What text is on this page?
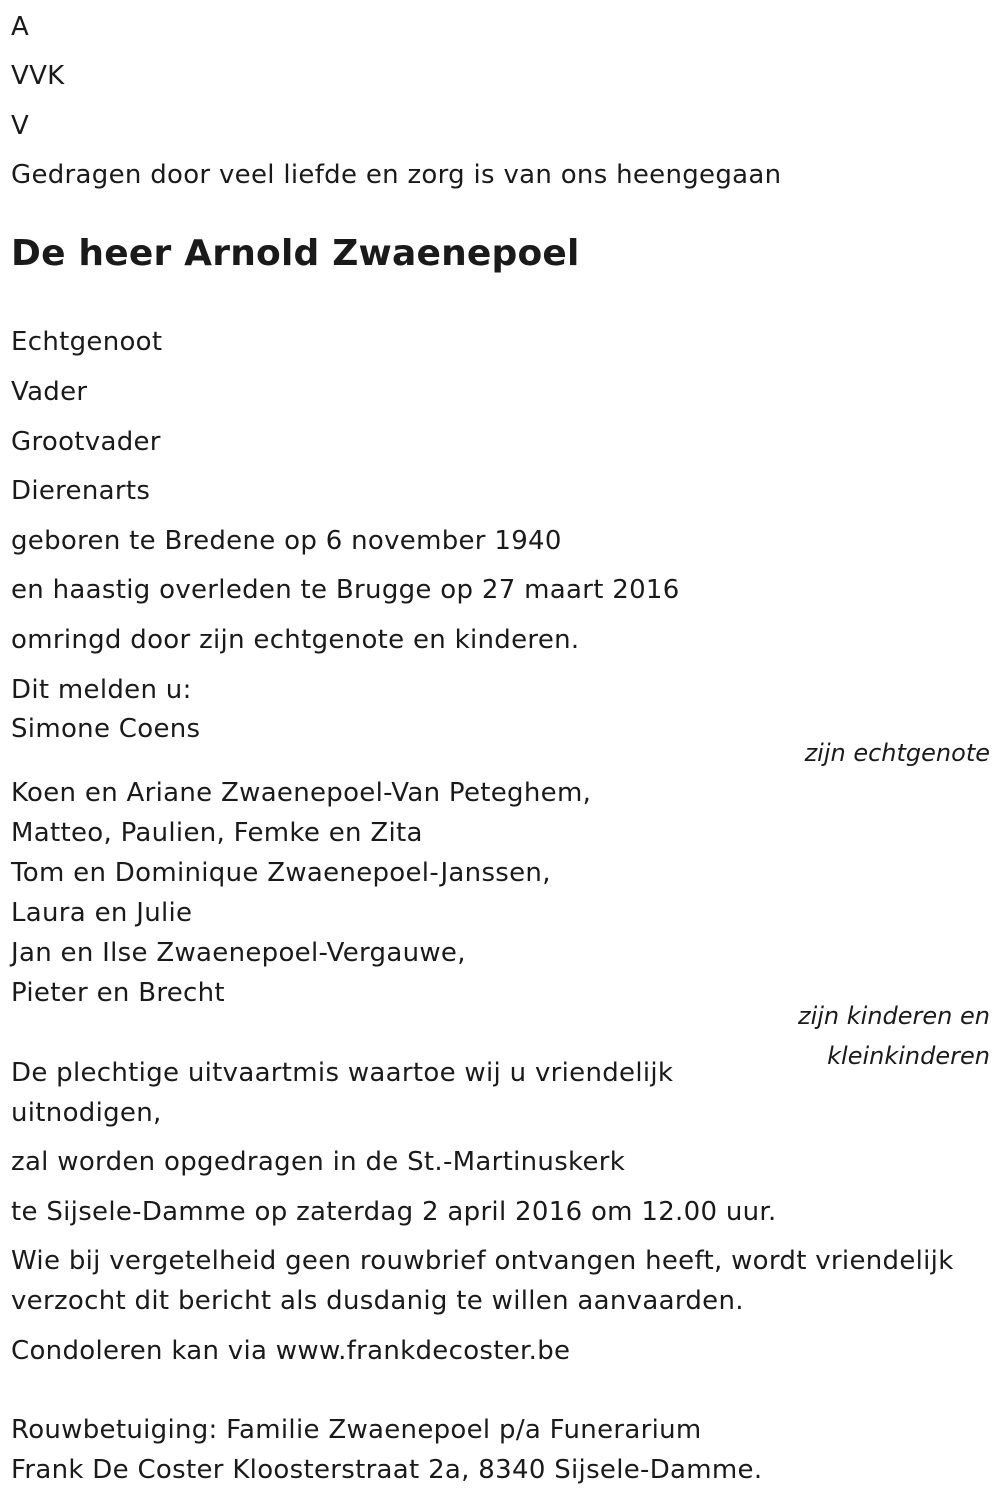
A
VVK
V
Gedragen door veel liefde en zorg is van ons heengegaan
De heer Arnold Zwaenepoel
Echtgenoot
Vader
Grootvader
Dierenarts
geboren te Bredene op 6 november 1940
en haastig overleden te Brugge op 27 maart 2016
omringd door zijn echtgenote en kinderen.
Dit melden u:
Simone Coens
zijn echtgenote
Koen en Ariane Zwaenepoel-Van Peteghem,
Matteo, Paulien, Femke en Zita
Tom en Dominique Zwaenepoel-Janssen,
Laura en Julie
Jan en Ilse Zwaenepoel-Vergauwe,
Pieter en Brecht
zijn kinderen en
kleinkinderen
De plechtige uitvaartmis waartoe wij u vriendelijk
uitnodigen,
zal worden opgedragen in de St.-Martinuskerk
te Sijsele-Damme op zaterdag 2 april 2016 om 12.00 uur.
Wie bij vergetelheid geen rouwbrief ontvangen heeft, wordt vriendelijk
verzocht dit bericht als dusdanig te willen aanvaarden.
Condoleren kan via www.frankdecoster.be
Rouwbetuiging: Familie Zwaenepoel p/a Funerarium
Frank De Coster Kloosterstraat 2a, 8340 Sijsele-Damme.
